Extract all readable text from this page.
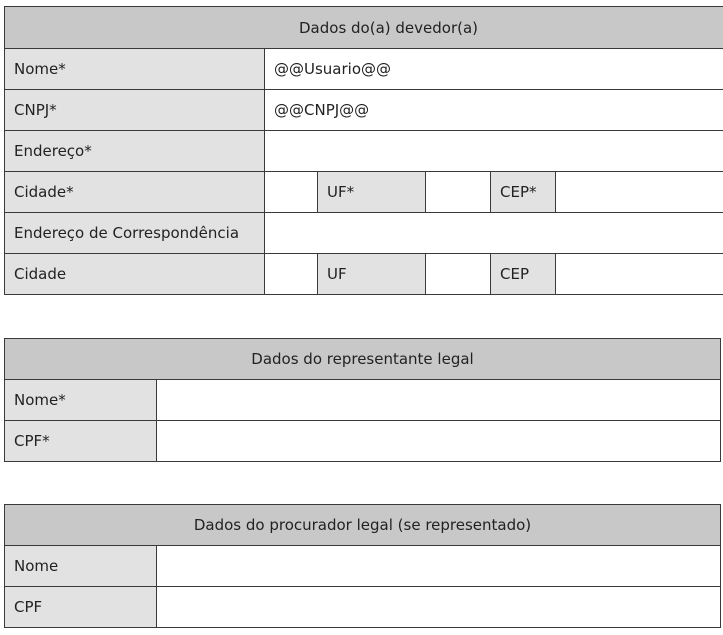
Dados do(a) devedor(a)					
Nome*	@@Usuario@@				
CNPJ*	@@CNPJ@@				
Endereço*					
Cidade*		UF*		CEP*	
Endereço de Correspondência					
Cidade		UF		CEP	
Dados do representante legal	
Nome*	
CPF*	
Dados do procurador legal (se representado)	
Nome	
CPF	
